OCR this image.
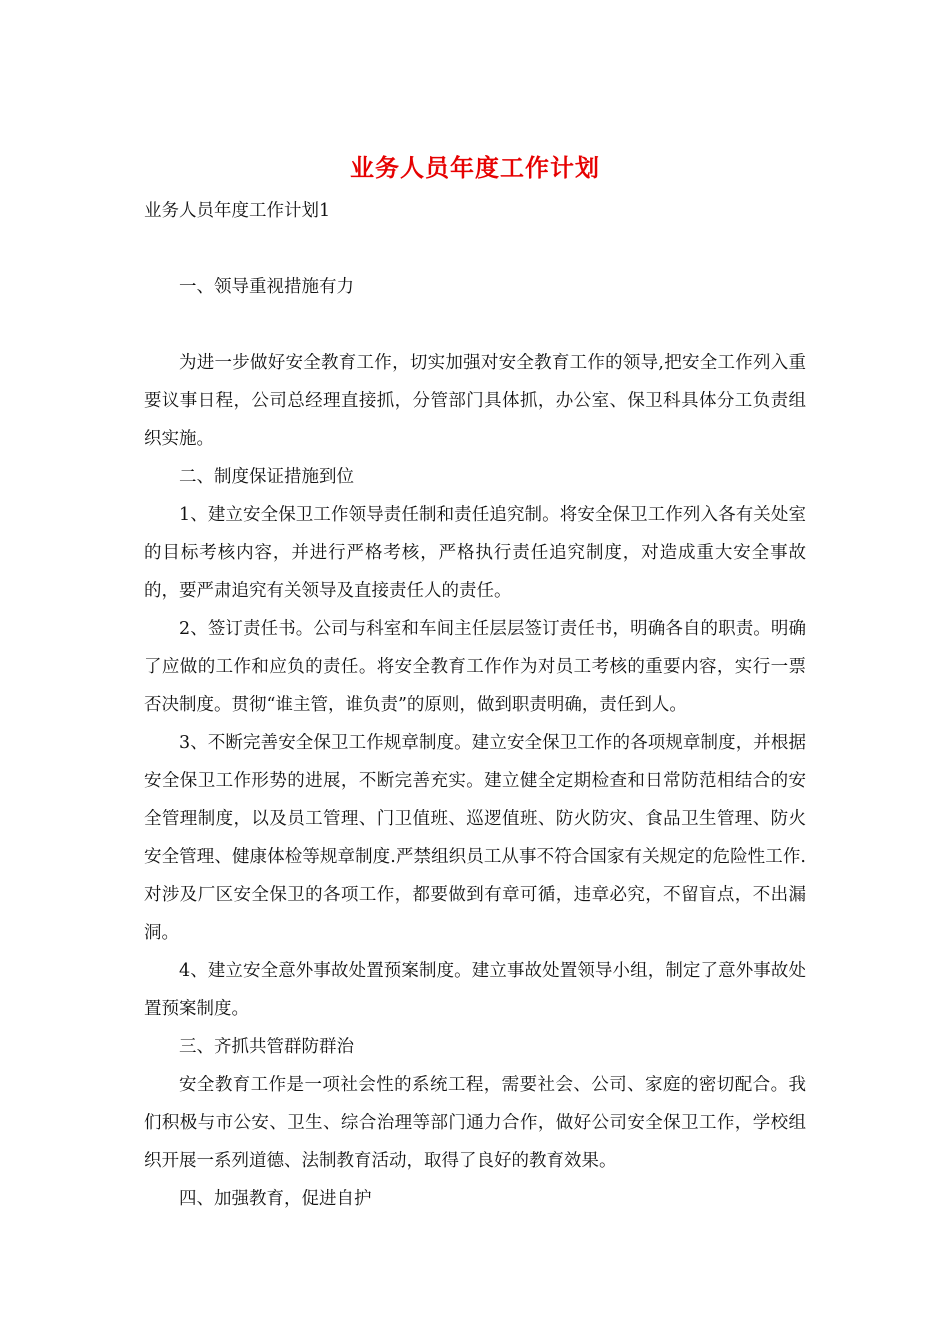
业务人员年度工作计划

业务人员年度工作计划1

一、领导重视措施有力

为进一步做好安全教育工作，切实加强对安全教育工作的领导,把安全工作列入重要议事日程，公司总经理直接抓，分管部门具体抓，办公室、保卫科具体分工负责组织实施。

二、制度保证措施到位

1、建立安全保卫工作领导责任制和责任追究制。将安全保卫工作列入各有关处室的目标考核内容，并进行严格考核，严格执行责任追究制度，对造成重大安全事故的，要严肃追究有关领导及直接责任人的责任。

2、签订责任书。公司与科室和车间主任层层签订责任书，明确各自的职责。明确了应做的工作和应负的责任。将安全教育工作作为对员工考核的重要内容，实行一票否决制度。贯彻“谁主管，谁负责”的原则，做到职责明确，责任到人。

3、不断完善安全保卫工作规章制度。建立安全保卫工作的各项规章制度，并根据安全保卫工作形势的进展，不断完善充实。建立健全定期检查和日常防范相结合的安全管理制度，以及员工管理、门卫值班、巡逻值班、防火防灾、食品卫生管理、防火安全管理、健康体检等规章制度.严禁组织员工从事不符合国家有关规定的危险性工作.对涉及厂区安全保卫的各项工作，都要做到有章可循，违章必究，不留盲点，不出漏洞。

4、建立安全意外事故处置预案制度。建立事故处置领导小组，制定了意外事故处置预案制度。

三、齐抓共管群防群治

安全教育工作是一项社会性的系统工程，需要社会、公司、家庭的密切配合。我们积极与市公安、卫生、综合治理等部门通力合作，做好公司安全保卫工作，学校组织开展一系列道德、法制教育活动，取得了良好的教育效果。

四、加强教育，促进自护
